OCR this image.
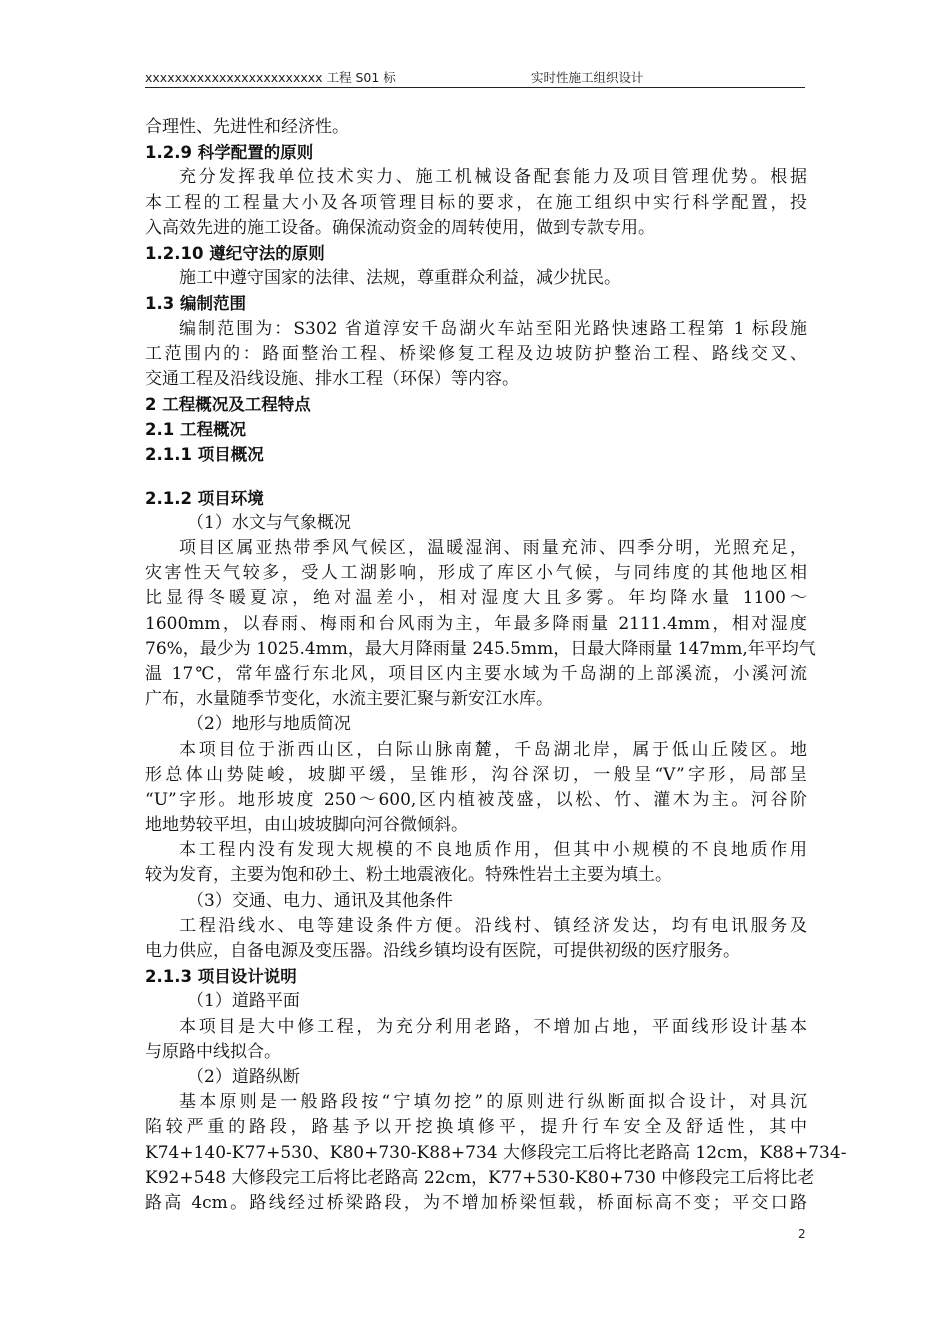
xxxxxxxxxxxxxxxxxxxxxxxx 工程 S01 标	实时性施工组织设计
合理性、先进性和经济性。
1.2.9 科学配置的原则
充分发挥我单位技术实力、施工机械设备配套能力及项目管理优势。根据
本工程的工程量大小及各项管理目标的要求，在施工组织中实行科学配置，投
入高效先进的施工设备。确保流动资金的周转使用，做到专款专用。
1.2.10 遵纪守法的原则
施工中遵守国家的法律、法规，尊重群众利益，减少扰民。
1.3 编制范围
编制范围为：S302 省道淳安千岛湖火车站至阳光路快速路工程第 1 标段施
工范围内的：路面整治工程、桥梁修复工程及边坡防护整治工程、路线交叉、
交通工程及沿线设施、排水工程（环保）等内容。
2 工程概况及工程特点
2.1 工程概况
2.1.1 项目概况
2.1.2 项目环境
（1）水文与气象概况
项目区属亚热带季风气候区，温暖湿润、雨量充沛、四季分明，光照充足，
灾害性天气较多，受人工湖影响，形成了库区小气候，与同纬度的其他地区相
比显得冬暖夏凉，绝对温差小，相对湿度大且多雾。年均降水量 1100～
1600mm，以春雨、梅雨和台风雨为主，年最多降雨量 2111.4mm，相对湿度
76%，最少为 1025.4mm，最大月降雨量 245.5mm，日最大降雨量 147mm,年平均气
温 17℃，常年盛行东北风，项目区内主要水域为千岛湖的上部溪流，小溪河流
广布，水量随季节变化，水流主要汇聚与新安江水库。
（2）地形与地质简况
本项目位于浙西山区，白际山脉南麓，千岛湖北岸，属于低山丘陵区。地
形总体山势陡峻，坡脚平缓，呈锥形，沟谷深切，一般呈“V”字形，局部呈
“U”字形。地形坡度 250～600,区内植被茂盛，以松、竹、灌木为主。河谷阶
地地势较平坦，由山坡坡脚向河谷微倾斜。
本工程内没有发现大规模的不良地质作用，但其中小规模的不良地质作用
较为发育，主要为饱和砂土、粉土地震液化。特殊性岩土主要为填土。
（3）交通、电力、通讯及其他条件
工程沿线水、电等建设条件方便。沿线村、镇经济发达，均有电讯服务及
电力供应，自备电源及变压器。沿线乡镇均设有医院，可提供初级的医疗服务。
2.1.3 项目设计说明
（1）道路平面
本项目是大中修工程，为充分利用老路，不增加占地，平面线形设计基本
与原路中线拟合。
（2）道路纵断
基本原则是一般路段按“宁填勿挖”的原则进行纵断面拟合设计，对具沉
陷较严重的路段，路基予以开挖换填修平，提升行车安全及舒适性，其中
K74+140-K77+530、K80+730-K88+734 大修段完工后将比老路高 12cm，K88+734-
K92+548 大修段完工后将比老路高 22cm，K77+530-K80+730 中修段完工后将比老
路高 4cm。路线经过桥梁路段，为不增加桥梁恒载，桥面标高不变；平交口路
2
